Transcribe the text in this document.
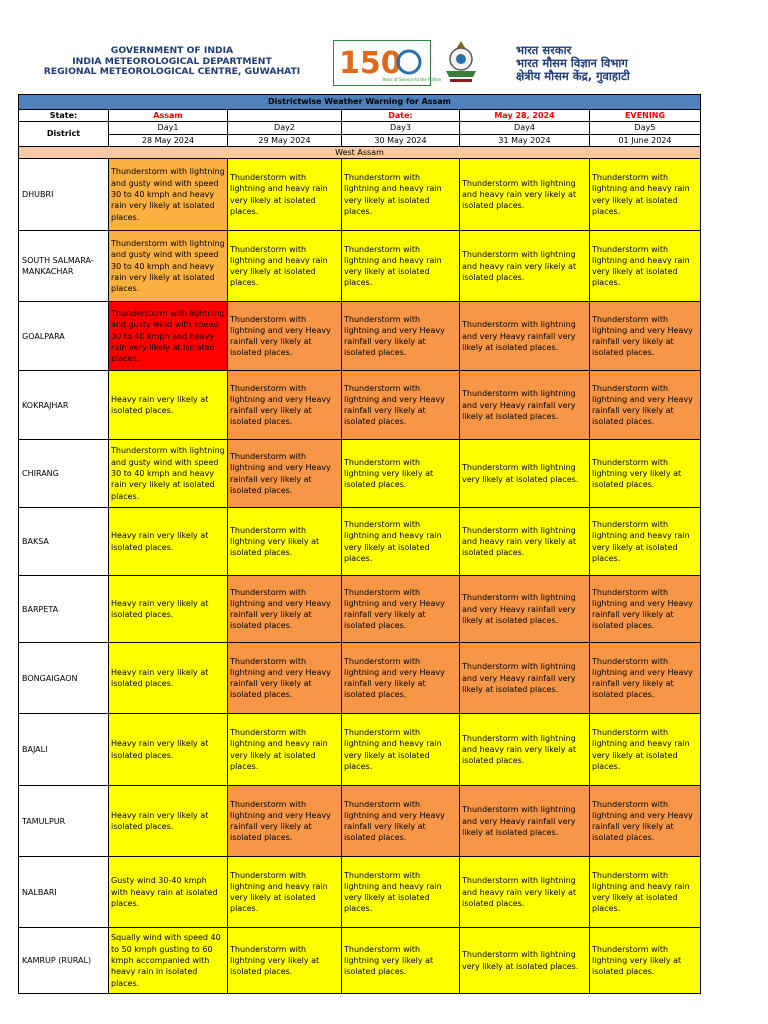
GOVERNMENT OF INDIA
INDIA METEOROLOGICAL DEPARTMENT
REGIONAL METEOROLOGICAL CENTRE, GUWAHATI	150
Years of Service to the Nation
भारत सरकार
भारत मौसम विज्ञान विभाग
क्षेत्रीय मौसम केंद्र, गुवाहाटी
Districtwise Weather Warning for Assam					
State:	Assam		Date:	May 28, 2024	EVENING
District	Day1	Day2	Day3	Day4	Day5
	28 May 2024	29 May 2024	30 May 2024	31 May 2024	01 June 2024
West Assam					
DHUBRI	Thunderstorm with lightning and gusty wind with speed 30 to 40 kmph and heavy rain very likely at isolated places.	Thunderstorm with lightning and heavy rain very likely at isolated places.	Thunderstorm with lightning and heavy rain very likely at isolated places.	Thunderstorm with lightning and heavy rain very likely at isolated places.	Thunderstorm with lightning and heavy rain very likely at isolated places.
SOUTH SALMARA-MANKACHAR	Thunderstorm with lightning and gusty wind with speed 30 to 40 kmph and heavy rain very likely at isolated places.	Thunderstorm with lightning and heavy rain very likely at isolated places.	Thunderstorm with lightning and heavy rain very likely at isolated places.	Thunderstorm with lightning and heavy rain very likely at isolated places.	Thunderstorm with lightning and heavy rain very likely at isolated places.
GOALPARA	Thunderstorm with lightning and gusty wind with speed 30 to 40 kmph and heavy rain very likely at isolated places.	Thunderstorm with lightning and very Heavy rainfall very likely at isolated places.	Thunderstorm with lightning and very Heavy rainfall very likely at isolated places.	Thunderstorm with lightning and very Heavy rainfall very likely at isolated places.	Thunderstorm with lightning and very Heavy rainfall very likely at isolated places.
KOKRAJHAR	Heavy rain very likely at isolated places.	Thunderstorm with lightning and very Heavy rainfall very likely at isolated places.	Thunderstorm with lightning and very Heavy rainfall very likely at isolated places.	Thunderstorm with lightning and very Heavy rainfall very likely at isolated places.	Thunderstorm with lightning and very Heavy rainfall very likely at isolated places.
CHIRANG	Thunderstorm with lightning and gusty wind with speed 30 to 40 kmph and heavy rain very likely at isolated places.	Thunderstorm with lightning and very Heavy rainfall very likely at isolated places.	Thunderstorm with lightning very likely at isolated places.	Thunderstorm with lightning very likely at isolated places.	Thunderstorm with lightning very likely at isolated places.
BAKSA	Heavy rain very likely at isolated places.	Thunderstorm with lightning very likely at isolated places.	Thunderstorm with lightning and heavy rain very likely at isolated places.	Thunderstorm with lightning and heavy rain very likely at isolated places.	Thunderstorm with lightning and heavy rain very likely at isolated places.
BARPETA	Heavy rain very likely at isolated places.	Thunderstorm with lightning and very Heavy rainfall very likely at isolated places.	Thunderstorm with lightning and very Heavy rainfall very likely at isolated places.	Thunderstorm with lightning and very Heavy rainfall very likely at isolated places.	Thunderstorm with lightning and very Heavy rainfall very likely at isolated places.
BONGAIGAON	Heavy rain very likely at isolated places.	Thunderstorm with lightning and very Heavy rainfall very likely at isolated places.	Thunderstorm with lightning and very Heavy rainfall very likely at isolated places.	Thunderstorm with lightning and very Heavy rainfall very likely at isolated places.	Thunderstorm with lightning and very Heavy rainfall very likely at isolated places.
BAJALI	Heavy rain very likely at isolated places.	Thunderstorm with lightning and heavy rain very likely at isolated places.	Thunderstorm with lightning and heavy rain very likely at isolated places.	Thunderstorm with lightning and heavy rain very likely at isolated places.	Thunderstorm with lightning and heavy rain very likely at isolated places.
TAMULPUR	Heavy rain very likely at isolated places.	Thunderstorm with lightning and very Heavy rainfall very likely at isolated places.	Thunderstorm with lightning and very Heavy rainfall very likely at isolated places.	Thunderstorm with lightning and very Heavy rainfall very likely at isolated places.	Thunderstorm with lightning and very Heavy rainfall very likely at isolated places.
NALBARI	Gusty wind 30-40 kmph with heavy rain at isolated places.	Thunderstorm with lightning and heavy rain very likely at isolated places.	Thunderstorm with lightning and heavy rain very likely at isolated places.	Thunderstorm with lightning and heavy rain very likely at isolated places.	Thunderstorm with lightning and heavy rain very likely at isolated places.
KAMRUP (RURAL)	Squally wind with speed 40 to 50 kmph gusting to 60 kmph accompanied with heavy rain in isolated places.	Thunderstorm with lightning very likely at isolated places.	Thunderstorm with lightning very likely at isolated places.	Thunderstorm with lightning very likely at isolated places.	Thunderstorm with lightning very likely at isolated places.
